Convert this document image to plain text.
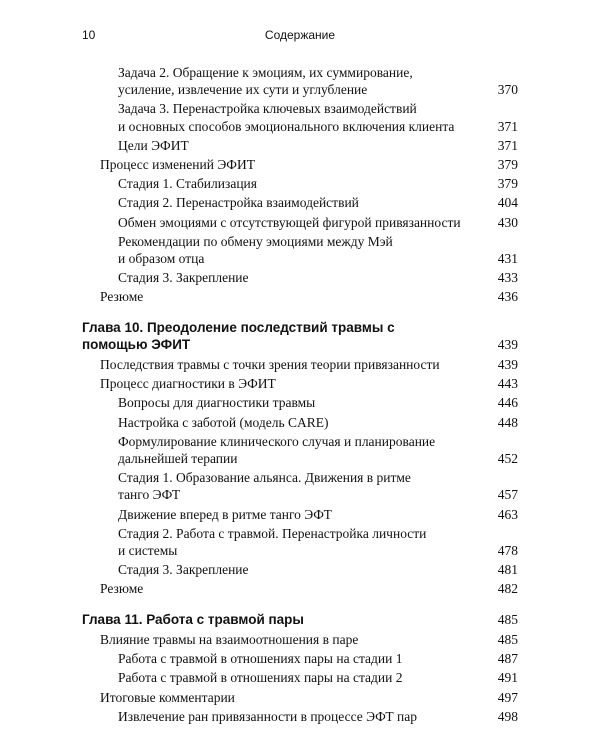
10	Содержание
Задача 2. Обращение к эмоциям, их суммирование,
усиление, извлечение их сути и углубление	370
Задача 3. Перенастройка ключевых взаимодействий
и основных способов эмоционального включения клиента	371
Цели ЭФИТ	371
Процесс изменений ЭФИТ	379
Стадия 1. Стабилизация	379
Стадия 2. Перенастройка взаимодействий	404
Обмен эмоциями с отсутствующей фигурой привязанности	430
Рекомендации по обмену эмоциями между Мэй
и образом отца	431
Стадия 3. Закрепление	433
Резюме	436
Глава 10. Преодоление последствий травмы с помощью ЭФИТ	439
Последствия травмы с точки зрения теории привязанности	439
Процесс диагностики в ЭФИТ	443
Вопросы для диагностики травмы	446
Настройка с заботой (модель CARE)	448
Формулирование клинического случая и планирование
дальнейшей терапии	452
Стадия 1. Образование альянса. Движения в ритме
танго ЭФТ	457
Движение вперед в ритме танго ЭФТ	463
Стадия 2. Работа с травмой. Перенастройка личности
и системы	478
Стадия 3. Закрепление	481
Резюме	482
Глава 11. Работа с травмой пары	485
Влияние травмы на взаимоотношения в паре	485
Работа с травмой в отношениях пары на стадии 1	487
Работа с травмой в отношениях пары на стадии 2	491
Итоговые комментарии	497
Извлечение ран привязанности в процессе ЭФТ пар	498
